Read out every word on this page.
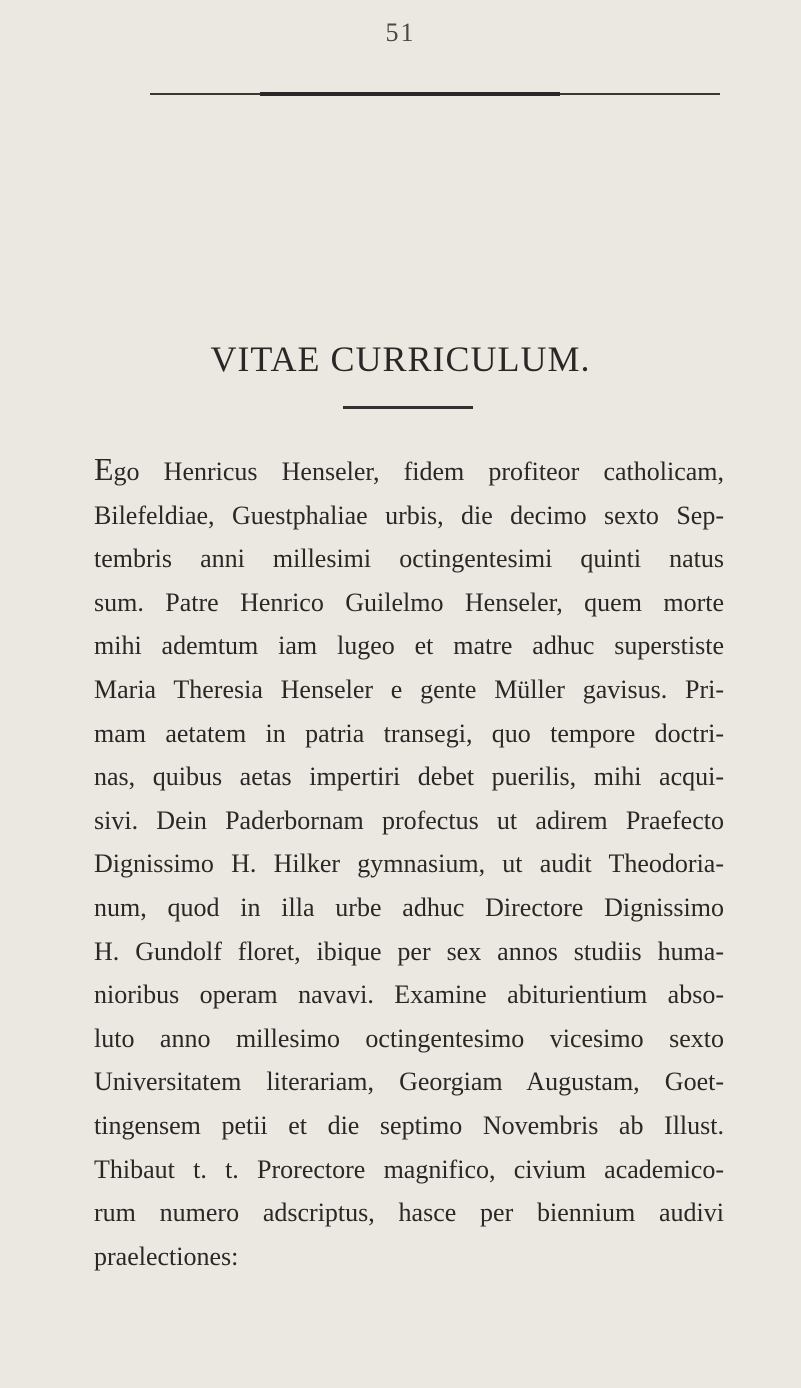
51
VITAE CURRICULUM.
Ego Henricus Henseler, fidem profiteor catholicam,
Bilefeldiae, Guestphaliae urbis, die decimo sexto Sep-
tembris anni millesimi octingentesimi quinti natus
sum. Patre Henrico Guilelmo Henseler, quem morte
mihi ademtum iam lugeo et matre adhuc superstiste
Maria Theresia Henseler e gente Müller gavisus. Pri-
mam aetatem in patria transegi, quo tempore doctri-
nas, quibus aetas impertiri debet puerilis, mihi acqui-
sivi. Dein Paderbornam profectus ut adirem Praefecto
Dignissimo H. Hilker gymnasium, ut audit Theodoria-
num, quod in illa urbe adhuc Directore Dignissimo
H. Gundolf floret, ibique per sex annos studiis huma-
nioribus operam navavi. Examine abiturientium abso-
luto anno millesimo octingentesimo vicesimo sexto
Universitatem literariam, Georgiam Augustam, Goet-
tingensem petii et die septimo Novembris ab Illust.
Thibaut t. t. Prorectore magnifico, civium academico-
rum numero adscriptus, hasce per biennium audivi
praelectiones:
